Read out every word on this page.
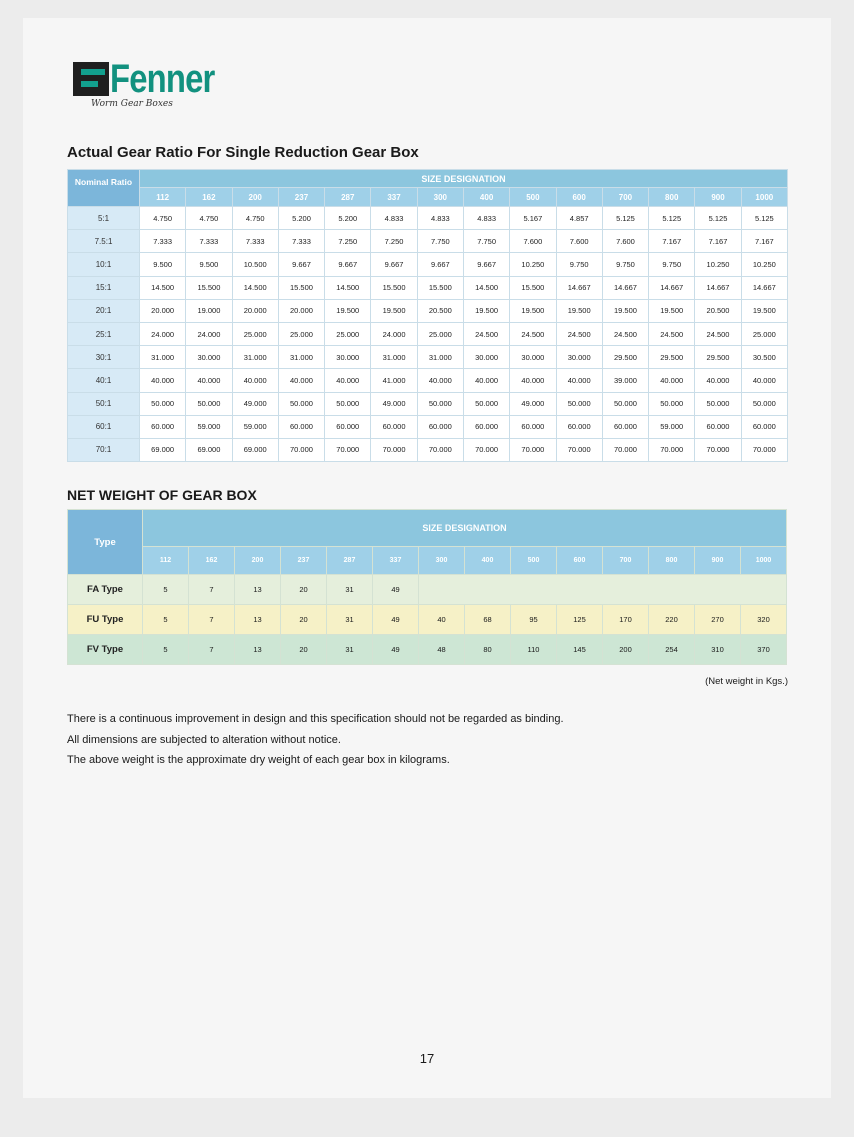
Fenner
Worm Gear Boxes
Actual Gear Ratio For Single Reduction Gear Box
Nominal Ratio	SIZE DESIGNATION													
	112	162	200	237	287	337	300	400	500	600	700	800	900	1000
5:1	4.750	4.750	4.750	5.200	5.200	4.833	4.833	4.833	5.167	4.857	5.125	5.125	5.125	5.125
7.5:1	7.333	7.333	7.333	7.333	7.250	7.250	7.750	7.750	7.600	7.600	7.600	7.167	7.167	7.167
10:1	9.500	9.500	10.500	9.667	9.667	9.667	9.667	9.667	10.250	9.750	9.750	9.750	10.250	10.250
15:1	14.500	15.500	14.500	15.500	14.500	15.500	15.500	14.500	15.500	14.667	14.667	14.667	14.667	14.667
20:1	20.000	19.000	20.000	20.000	19.500	19.500	20.500	19.500	19.500	19.500	19.500	19.500	20.500	19.500
25:1	24.000	24.000	25.000	25.000	25.000	24.000	25.000	24.500	24.500	24.500	24.500	24.500	24.500	25.000
30:1	31.000	30.000	31.000	31.000	30.000	31.000	31.000	30.000	30.000	30.000	29.500	29.500	29.500	30.500
40:1	40.000	40.000	40.000	40.000	40.000	41.000	40.000	40.000	40.000	40.000	39.000	40.000	40.000	40.000
50:1	50.000	50.000	49.000	50.000	50.000	49.000	50.000	50.000	49.000	50.000	50.000	50.000	50.000	50.000
60:1	60.000	59.000	59.000	60.000	60.000	60.000	60.000	60.000	60.000	60.000	60.000	59.000	60.000	60.000
70:1	69.000	69.000	69.000	70.000	70.000	70.000	70.000	70.000	70.000	70.000	70.000	70.000	70.000	70.000
NET WEIGHT OF GEAR BOX
Type	SIZE DESIGNATION													
	112	162	200	237	287	337	300	400	500	600	700	800	900	1000
FA Type	5	7	13	20	31	49								
FU Type	5	7	13	20	31	49	40	68	95	125	170	220	270	320
FV Type	5	7	13	20	31	49	48	80	110	145	200	254	310	370
(Net weight in Kgs.)

There is a continuous improvement in design and this specification should not be regarded as binding.

All dimensions are subjected to alteration without notice.

The above weight is the approximate dry weight of each gear box in kilograms.

17
